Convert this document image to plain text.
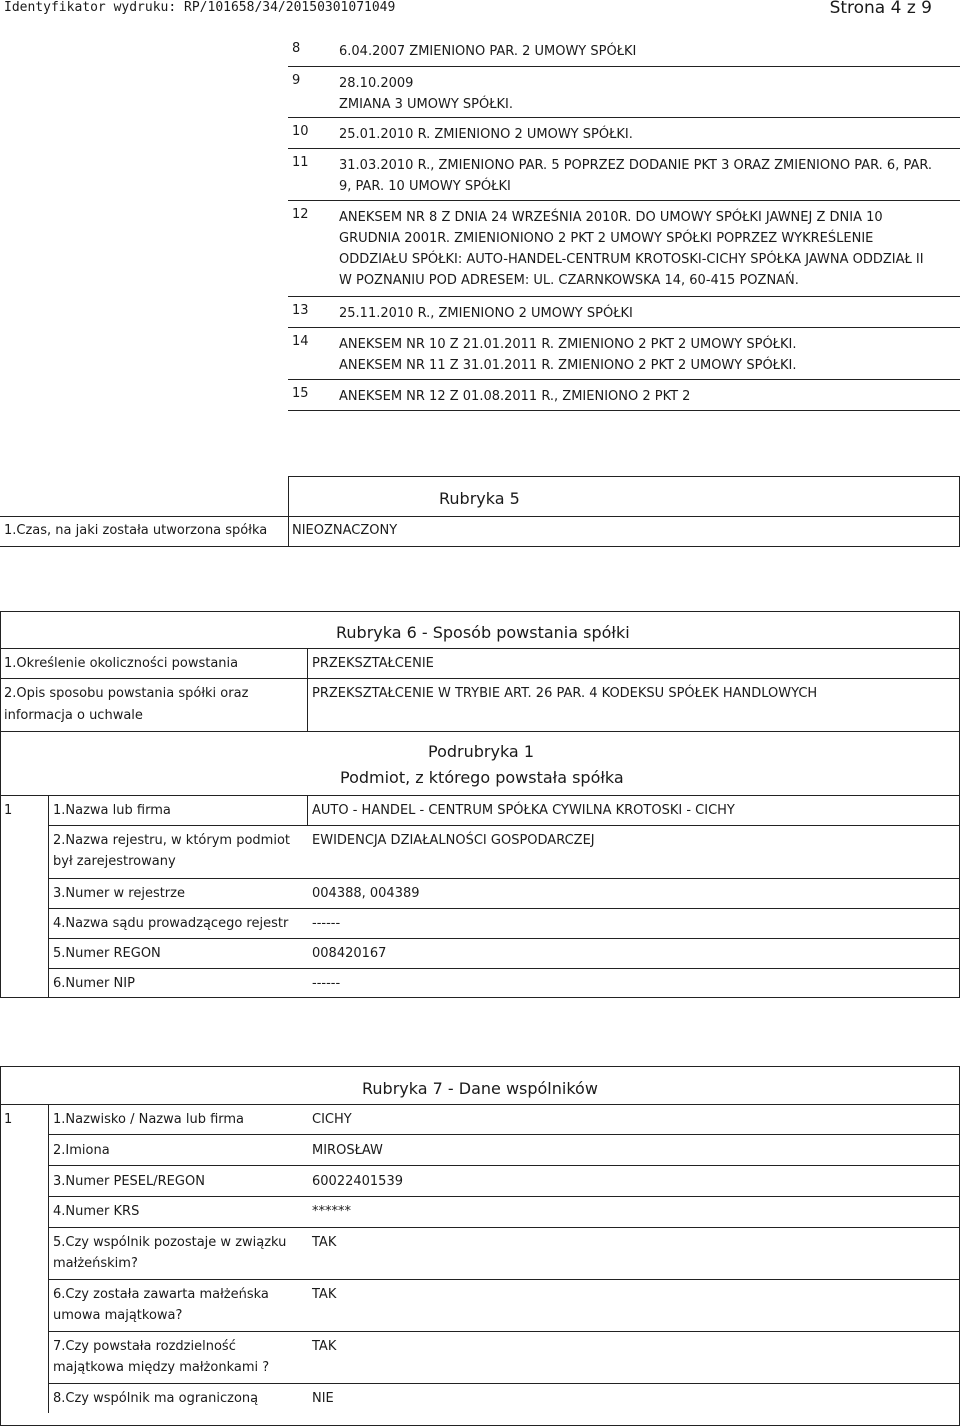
Identyfikator wydruku: RP/101658/34/20150301071049	Strona 4 z 9
8	6.04.2007 ZMIENIONO PAR. 2 UMOWY SPÓŁKI
9	28.10.2009
ZMIANA 3 UMOWY SPÓŁKI.
10 25.01.2010 R. ZMIENIONO 2 UMOWY SPÓŁKI.
11 31.03.2010 R., ZMIENIONO PAR. 5 POPRZEZ DODANIE PKT 3 ORAZ ZMIENIONO PAR. 6, PAR.
9, PAR. 10 UMOWY SPÓŁKI
12 ANEKSEM NR 8 Z DNIA 24 WRZEŚNIA 2010R. DO UMOWY SPÓŁKI JAWNEJ Z DNIA 10
GRUDNIA 2001R. ZMIENIONIONO 2 PKT 2 UMOWY SPÓŁKI POPRZEZ WYKREŚLENIE
ODDZIAŁU SPÓŁKI: AUTO-HANDEL-CENTRUM KROTOSKI-CICHY SPÓŁKA JAWNA ODDZIAŁ II
W POZNANIU POD ADRESEM: UL. CZARNKOWSKA 14, 60-415 POZNAŃ.
13 25.11.2010 R., ZMIENIONO 2 UMOWY SPÓŁKI
14 ANEKSEM NR 10 Z 21.01.2011 R. ZMIENIONO 2 PKT 2 UMOWY SPÓŁKI.
ANEKSEM NR 11 Z 31.01.2011 R. ZMIENIONO 2 PKT 2 UMOWY SPÓŁKI.
15 ANEKSEM NR 12 Z 01.08.2011 R., ZMIENIONO 2 PKT 2
Rubryka 5
1.Czas, na jaki została utworzona spółka NIEOZNACZONY
Rubryka 6 - Sposób powstania spółki
1.Określenie okoliczności powstania	PRZEKSZTAŁCENIE
2.Opis sposobu powstania spółki oraz
informacja o uchwale
PRZEKSZTAŁCENIE W TRYBIE ART. 26 PAR. 4 KODEKSU SPÓŁEK HANDLOWYCH
Podrubryka 1
Podmiot, z którego powstała spółka
1	1.Nazwa lub firma	AUTO - HANDEL - CENTRUM SPÓŁKA CYWILNA KROTOSKI - CICHY
2.Nazwa rejestru, w którym podmiot
był zarejestrowany
EWIDENCJA DZIAŁALNOŚCI GOSPODARCZEJ
3.Numer w rejestrze	004388, 004389
4.Nazwa sądu prowadzącego rejestr ------
5.Numer REGON	008420167
6.Numer NIP	------
Rubryka 7 - Dane wspólników
1	1.Nazwisko / Nazwa lub firma	CICHY
2.Imiona	MIROSŁAW
3.Numer PESEL/REGON	60022401539
4.Numer KRS	******
5.Czy wspólnik pozostaje w związku
małżeńskim?
TAK
6.Czy została zawarta małżeńska
umowa majątkowa?
TAK
7.Czy powstała rozdzielność
majątkowa między małżonkami ?
TAK
8.Czy wspólnik ma ograniczoną	NIE
